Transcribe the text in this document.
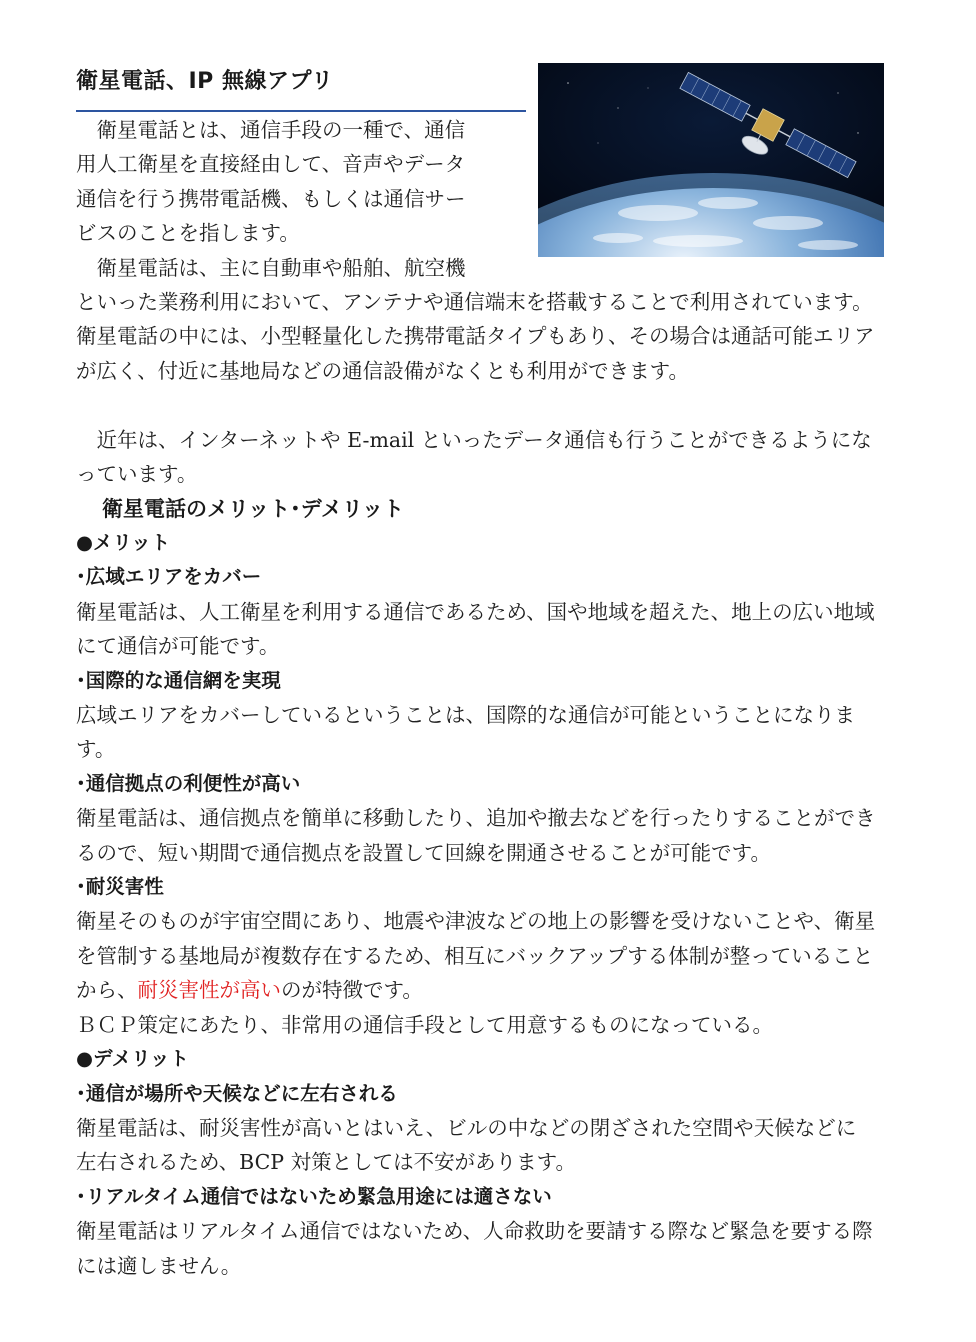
衛星電話、IP 無線アプリ

　衛星電話とは、通信手段の一種で、通信
用人工衛星を直接経由して、音声やデータ
通信を行う携帯電話機、もしくは通信サー
ビスのことを指します。

　衛星電話は、主に自動車や船舶、航空機

といった業務利用において、アンテナや通信端末を搭載することで利用されています。衛星電話の中には、小型軽量化した携帯電話タイプもあり、その場合は通話可能エリアが広く、付近に基地局などの通信設備がなくとも利用ができます。

　近年は、インターネットや E-mail といったデータ通信も行うことができるようになっています。

衛星電話のメリット･デメリット
●メリット
･広域エリアをカバー

衛星電話は、人工衛星を利用する通信であるため、国や地域を超えた、地上の広い地域にて通信が可能です。

･国際的な通信網を実現

広域エリアをカバーしているということは、国際的な通信が可能ということになります。

･通信拠点の利便性が高い

衛星電話は、通信拠点を簡単に移動したり、追加や撤去などを行ったりすることができるので、短い期間で通信拠点を設置して回線を開通させることが可能です。

･耐災害性

衛星そのものが宇宙空間にあり、地震や津波などの地上の影響を受けないことや、衛星を管制する基地局が複数存在するため、相互にバックアップする体制が整っていることから、耐災害性が高いのが特徴です。

ＢＣＰ策定にあたり、非常用の通信手段として用意するものになっている。

●デメリット
･通信が場所や天候などに左右される

衛星電話は、耐災害性が高いとはいえ、ビルの中などの閉ざされた空間や天候などに左右されるため、BCP 対策としては不安があります。

･リアルタイム通信ではないため緊急用途には適さない

衛星電話はリアルタイム通信ではないため、人命救助を要請する際など緊急を要する際には適しません。
